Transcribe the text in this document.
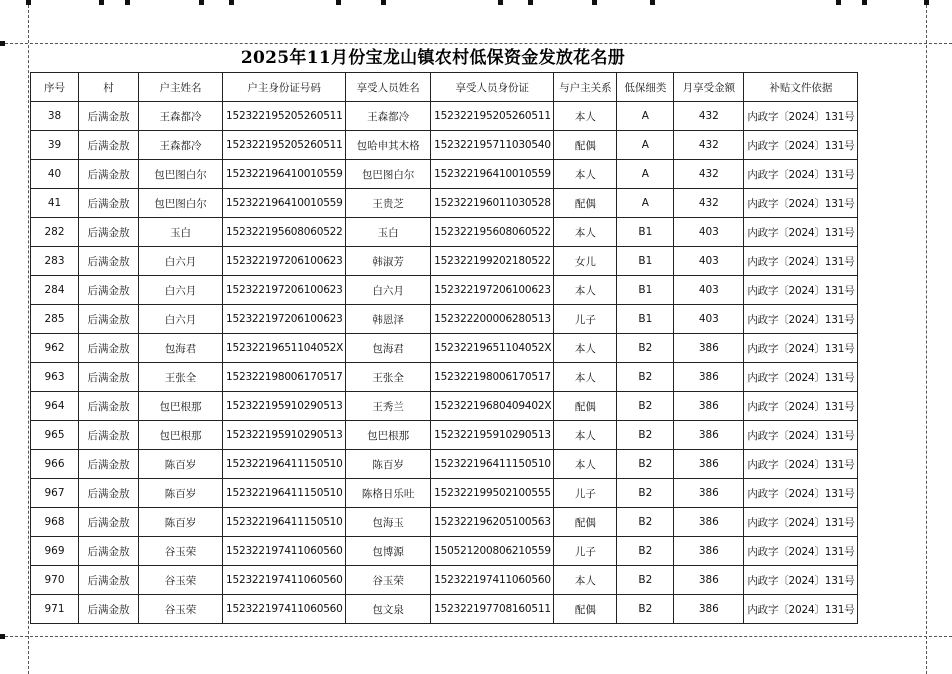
2025年11月份宝龙山镇农村低保资金发放花名册
序号	村	户主姓名	户主身份证号码	享受人员姓名	享受人员身份证	与户主关系	低保细类	月享受金额	补贴文件依据
38	后满金敖	王森都冷	152322195205260511	王森都冷	152322195205260511	本人	A	432	内政字〔2024〕131号
39	后满金敖	王森都冷	152322195205260511	包哈申其木格	152322195711030540	配偶	A	432	内政字〔2024〕131号
40	后满金敖	包巴图白尔	152322196410010559	包巴图白尔	152322196410010559	本人	A	432	内政字〔2024〕131号
41	后满金敖	包巴图白尔	152322196410010559	王贵芝	152322196011030528	配偶	A	432	内政字〔2024〕131号
282	后满金敖	玉白	152322195608060522	玉白	152322195608060522	本人	B1	403	内政字〔2024〕131号
283	后满金敖	白六月	152322197206100623	韩淑芳	152322199202180522	女儿	B1	403	内政字〔2024〕131号
284	后满金敖	白六月	152322197206100623	白六月	152322197206100623	本人	B1	403	内政字〔2024〕131号
285	后满金敖	白六月	152322197206100623	韩恩泽	152322200006280513	儿子	B1	403	内政字〔2024〕131号
962	后满金敖	包海君	15232219651104052X	包海君	15232219651104052X	本人	B2	386	内政字〔2024〕131号
963	后满金敖	王张全	152322198006170517	王张全	152322198006170517	本人	B2	386	内政字〔2024〕131号
964	后满金敖	包巴根那	152322195910290513	王秀兰	15232219680409402X	配偶	B2	386	内政字〔2024〕131号
965	后满金敖	包巴根那	152322195910290513	包巴根那	152322195910290513	本人	B2	386	内政字〔2024〕131号
966	后满金敖	陈百岁	152322196411150510	陈百岁	152322196411150510	本人	B2	386	内政字〔2024〕131号
967	后满金敖	陈百岁	152322196411150510	陈格日乐吐	152322199502100555	儿子	B2	386	内政字〔2024〕131号
968	后满金敖	陈百岁	152322196411150510	包海玉	152322196205100563	配偶	B2	386	内政字〔2024〕131号
969	后满金敖	谷玉荣	152322197411060560	包博源	150521200806210559	儿子	B2	386	内政字〔2024〕131号
970	后满金敖	谷玉荣	152322197411060560	谷玉荣	152322197411060560	本人	B2	386	内政字〔2024〕131号
971	后满金敖	谷玉荣	152322197411060560	包文泉	152322197708160511	配偶	B2	386	内政字〔2024〕131号
